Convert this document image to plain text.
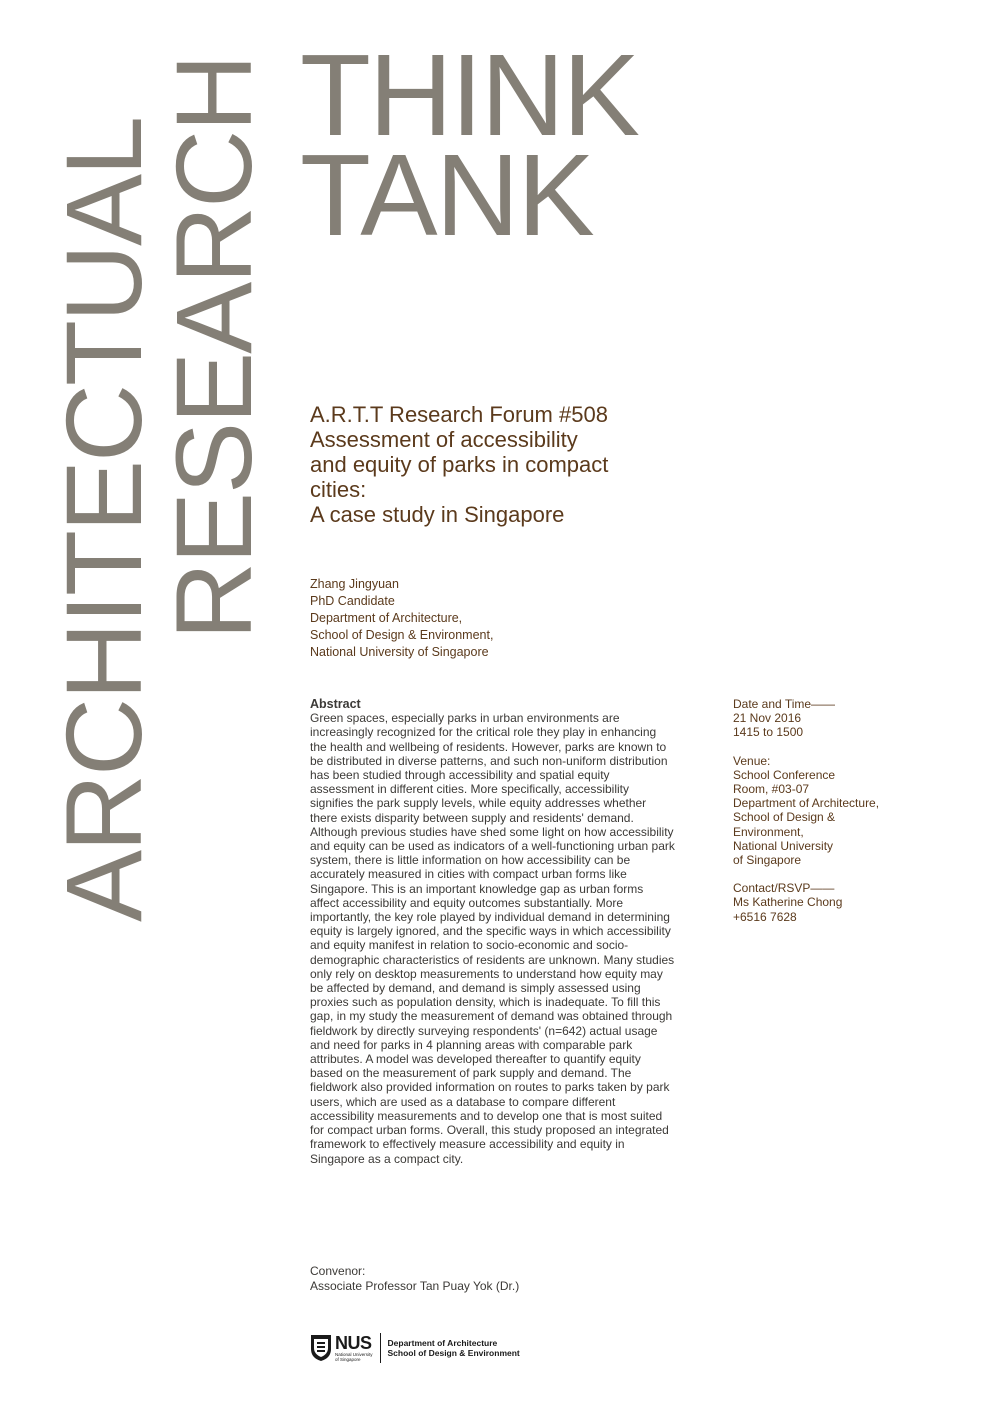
ARCHITECTUAL
RESEARCH THINK
TANK
A.R.T.T Research Forum #508
Assessment of accessibility
and equity of parks in compact
cities:
A case study in Singapore
Zhang Jingyuan
PhD Candidate
Department of Architecture,
School of Design & Environment,
National University of Singapore
Abstract

Green spaces, especially parks in urban environments are increasingly recognized for the critical role they play in enhancing the health and wellbeing of residents. However, parks are known to be distributed in diverse patterns, and such non-uniform distribution has been studied through accessibility and spatial equity assessment in different cities. More specifically, accessibility signifies the park supply levels, while equity addresses whether there exists disparity between supply and residents' demand. Although previous studies have shed some light on how accessibility and equity can be used as indicators of a well-functioning urban park system, there is little information on how accessibility can be accurately measured in cities with compact urban forms like Singapore. This is an important knowledge gap as urban forms affect accessibility and equity outcomes substantially. More importantly, the key role played by individual demand in determining equity is largely ignored, and the specific ways in which accessibility and equity manifest in relation to socio-economic and socio-demographic characteristics of residents are unknown. Many studies only rely on desktop measurements to understand how equity may be affected by demand, and demand is simply assessed using proxies such as population density, which is inadequate. To fill this gap, in my study the measurement of demand was obtained through fieldwork by directly surveying respondents' (n=642) actual usage and need for parks in 4 planning areas with comparable park attributes. A model was developed thereafter to quantify equity based on the measurement of park supply and demand. The fieldwork also provided information on routes to parks taken by park users, which are used as a database to compare different accessibility measurements and to develop one that is most suited for compact urban forms. Overall, this study proposed an integrated framework to effectively measure accessibility and equity in Singapore as a compact city.

Convenor:
Associate Professor Tan Puay Yok (Dr.)
Date and Time——
21 Nov 2016
1415 to 1500
Venue:
School Conference
Room, #03-07
Department of Architecture,
School of Design &
Environment,
National University
of Singapore
Contact/RSVP——
Ms Katherine Chong
+6516 7628
NUS
National University
of Singapore
Department of Architecture
School of Design & Environment
